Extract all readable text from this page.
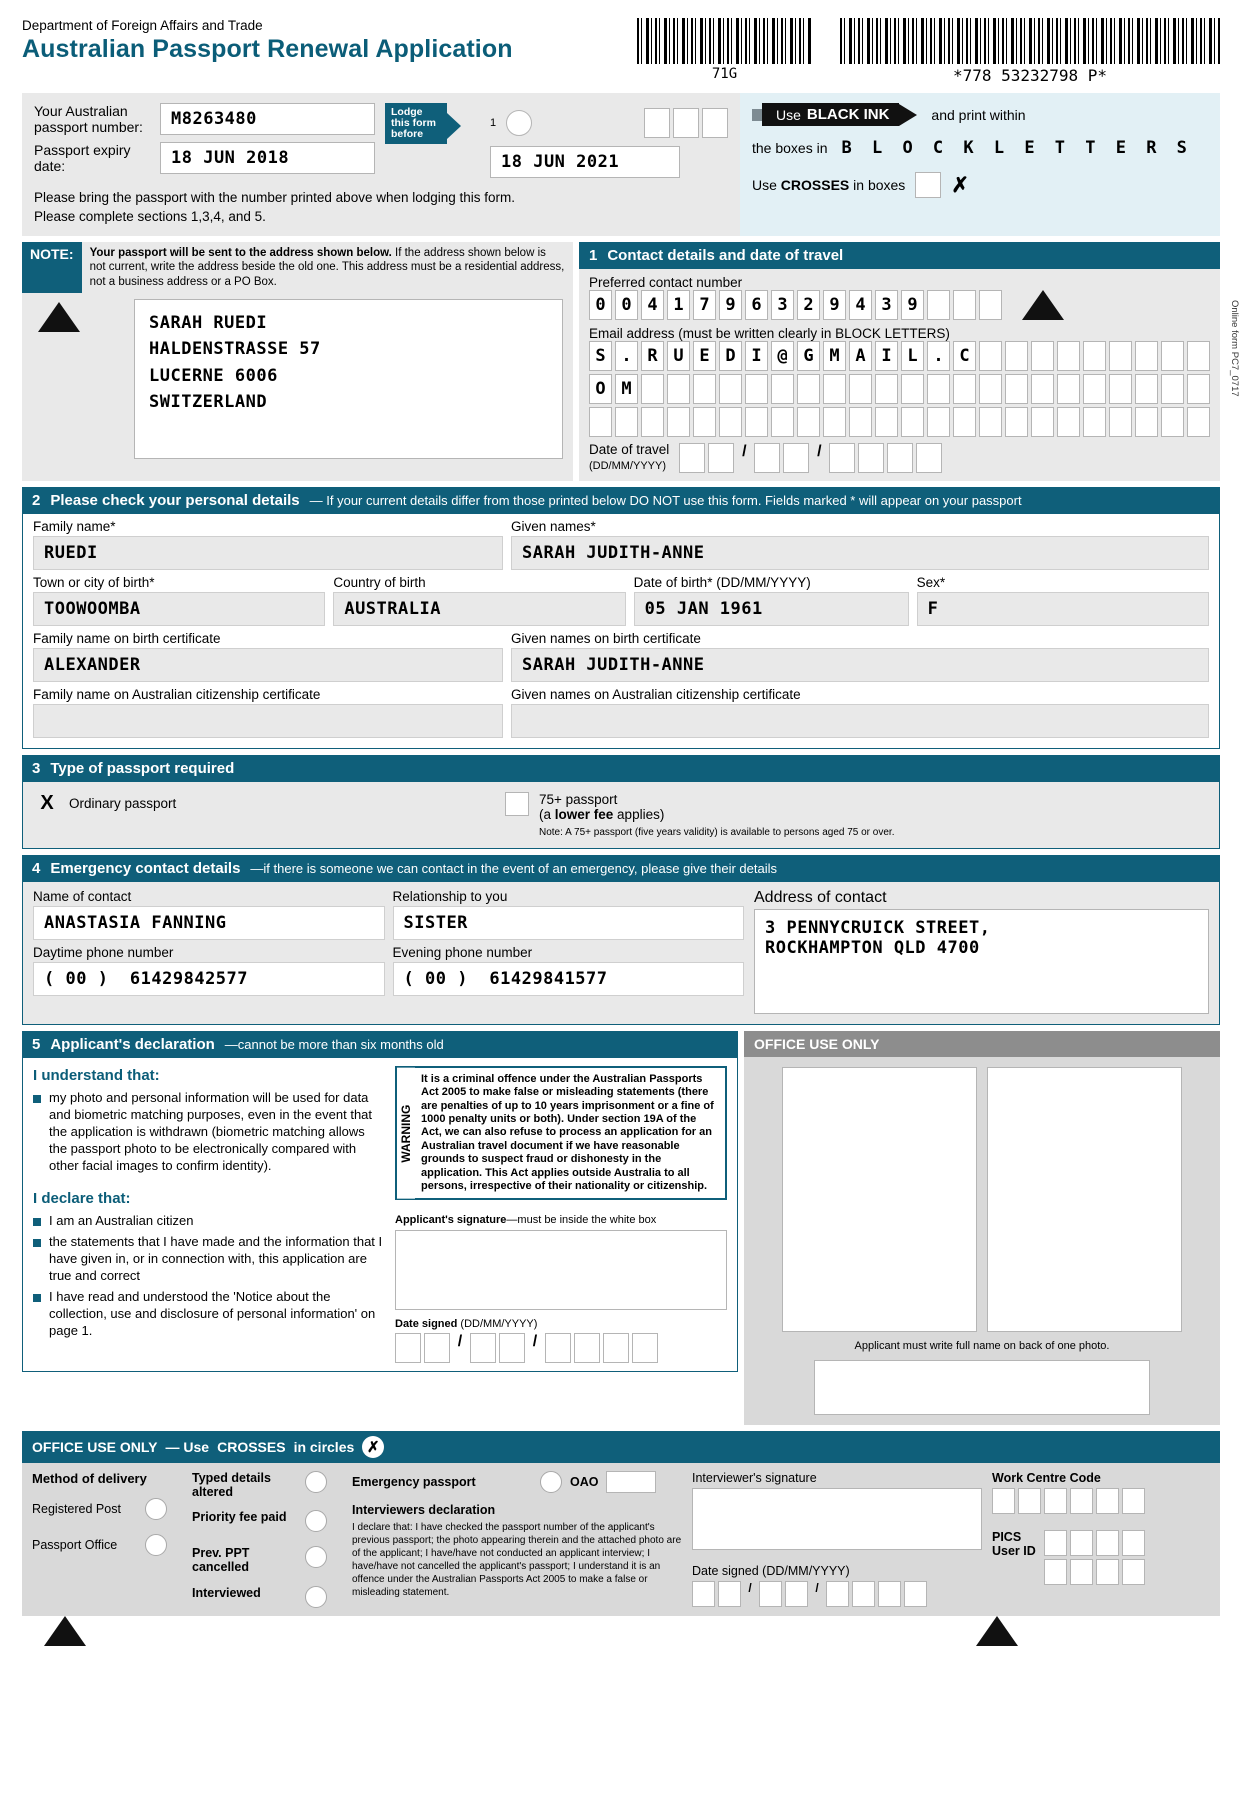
Department of Foreign Affairs and Trade
Australian Passport Renewal Application
71G	*778 53232798 P*
Your Australian
passport number:	M8263480
Passport expiry date:	18 JUN 2018
Lodge
this form
before
1
18 JUN 2021
Please bring the passport with the number printed above when lodging this form.
Please complete sections 1,3,4, and 5.
Use BLACK INK	and print within
the boxes in B L O C K L E T T E R S
Use CROSSES in boxes ✗
NOTE:	Your passport will be sent to the address shown below. If the address shown below is not current, write the address beside the old one. This address must be a residential address, not a business address or a PO Box.
SARAH RUEDI
HALDENSTRASSE 57
LUCERNE 6006
SWITZERLAND
1 Contact details and date of travel
Preferred contact number
0 0 4 1 7 9 6 3 2 9 4 3 9
Email address (must be written clearly in BLOCK LETTERS)
S . R U E D I @ G M A I L . C
O M
Date of travel
(DD/MM/YYYY)
/	/
2 Please check your personal details — If your current details differ from those printed below DO NOT use this form. Fields marked * will appear on your passport
Family name*
RUEDI
Given names*
SARAH JUDITH-ANNE
Town or city of birth*
TOOWOOMBA
Country of birth
AUSTRALIA
Date of birth* (DD/MM/YYYY)
05 JAN 1961
Sex*
F
Family name on birth certificate
ALEXANDER
Given names on birth certificate
SARAH JUDITH-ANNE
Family name on Australian citizenship certificate	Given names on Australian citizenship certificate
Online form PC7_0717
3 Type of passport required
X	Ordinary passport	75+ passport
(a lower fee applies)
Note: A 75+ passport (five years validity) is available to persons aged 75 or over.
4 Emergency contact details —if there is someone we can contact in the event of an emergency, please give their details
Name of contact
ANASTASIA FANNING
Relationship to you
SISTER
Daytime phone number
( 00 ) 61429842577
Evening phone number
( 00 ) 61429841577
Address of contact
3 PENNYCRUICK STREET,
ROCKHAMPTON QLD 4700
5 Applicant's declaration —cannot be more than six months old
I understand that:
my photo and personal information will be used for data and biometric matching purposes, even in the event that the application is withdrawn (biometric matching allows the passport photo to be electronically compared with other facial images to confirm identity).
I declare that:
I am an Australian citizen
the statements that I have made and the information that I have given in, or in connection with, this application are true and correct
I have read and understood the 'Notice about the collection, use and disclosure of personal information' on page 1.
WARNING
It is a criminal offence under the Australian Passports Act 2005 to make false or misleading statements (there are penalties of up to 10 years imprisonment or a fine of 1000 penalty units or both). Under section 19A of the Act, we can also refuse to process an application for an Australian travel document if we have reasonable grounds to suspect fraud or dishonesty in the application. This Act applies outside Australia to all persons, irrespective of their nationality or citizenship.
Applicant's signature—must be inside the white box
Date signed (DD/MM/YYYY)
/	/
OFFICE USE ONLY
Applicant must write full name on back of one photo.
OFFICE USE ONLY — Use CROSSES in circles ✗
Method of delivery
Registered Post
Passport Office
Typed details
altered
Priority fee paid
Prev. PPT
cancelled
Interviewed
Emergency passport	OAO
Interviewers declaration
I declare that: I have checked the passport number of the applicant's previous passport; the photo appearing therein and the attached photo are of the applicant; I have/have not conducted an applicant interview; I have/have not cancelled the applicant's passport; I understand it is an offence under the Australian Passports Act 2005 to make a false or misleading statement.
Interviewer's signature
Date signed (DD/MM/YYYY)
/	/
Work Centre Code
PICS
User ID
